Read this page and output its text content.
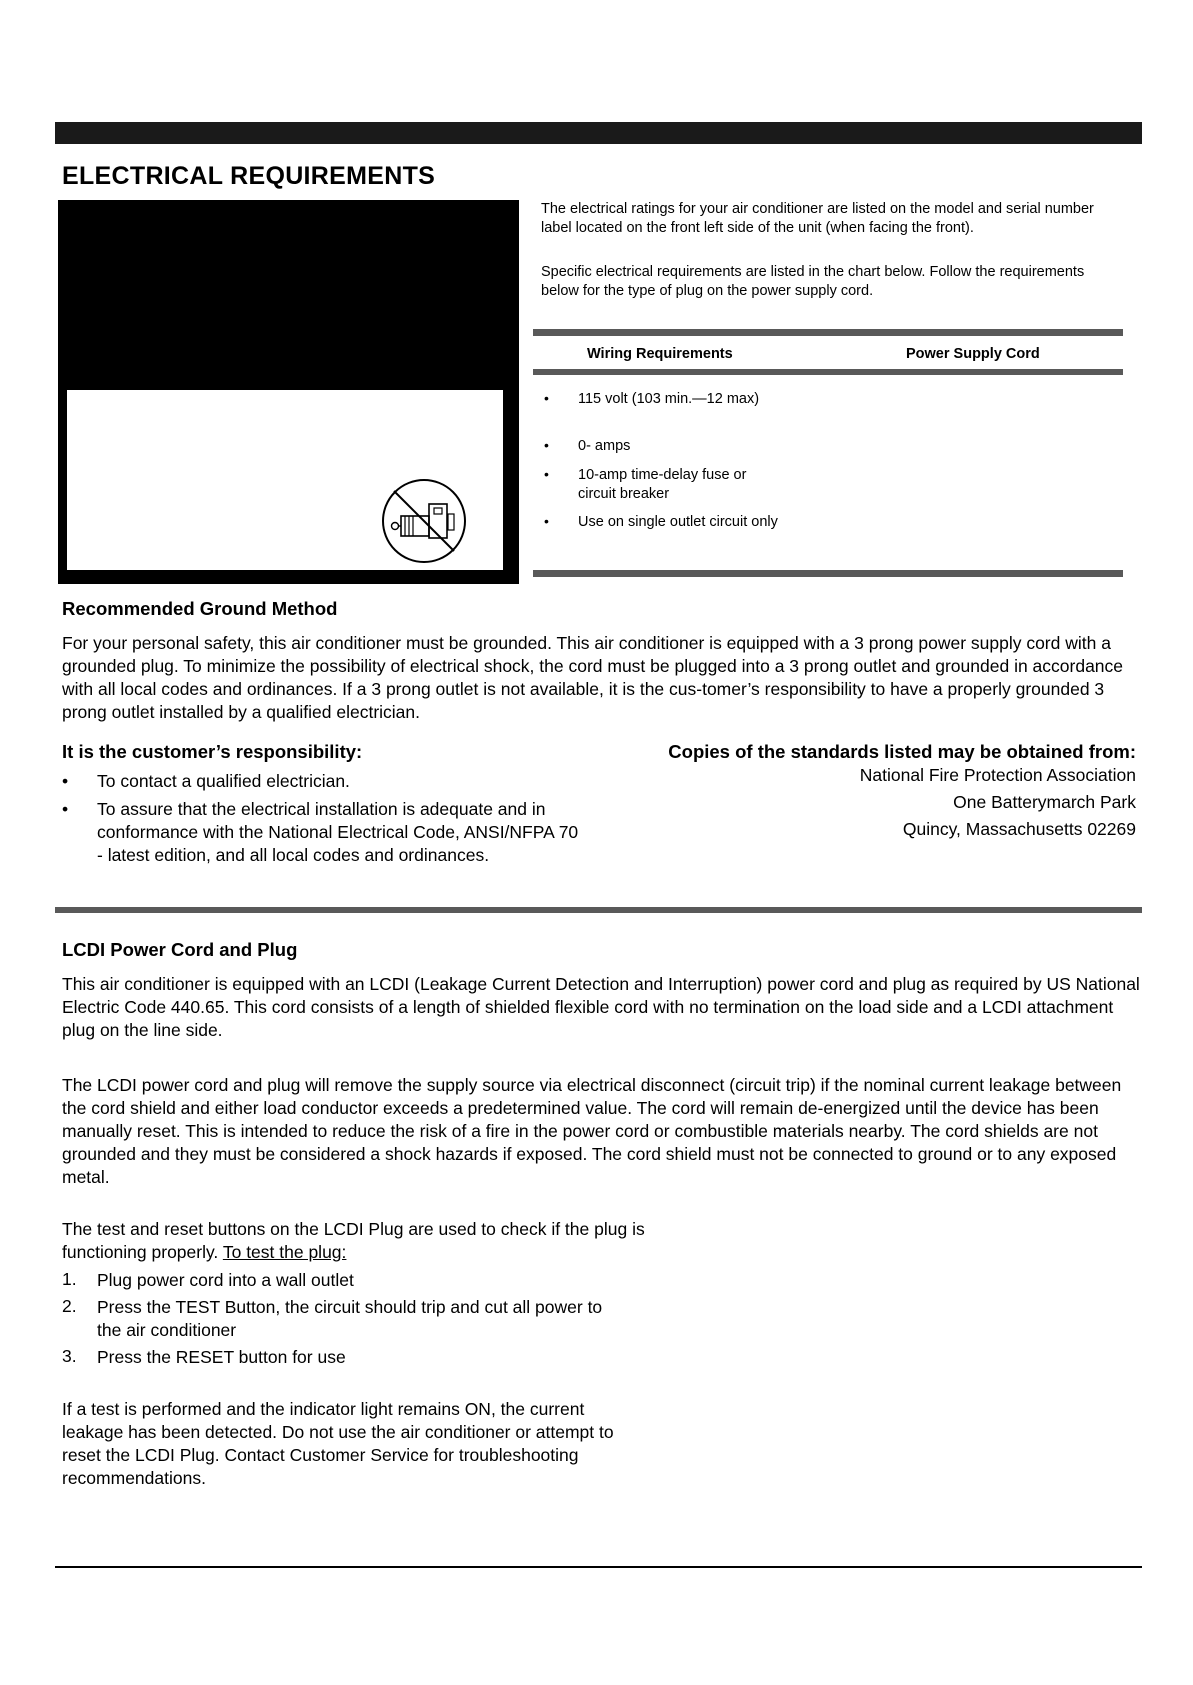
ELECTRICAL REQUIREMENTS
The electrical ratings for your air conditioner are listed on the model and serial number label located on the front left side of the unit (when facing the front).
Specific electrical requirements are listed in the chart below. Follow the requirements below for the type of plug on the power supply cord.
Wiring Requirements	Power Supply Cord
• 115 volt (103 min.—12 max)
• 0- amps
• 10-amp time-delay fuse or circuit breaker
• Use on single outlet circuit only
Recommended Ground Method

For your personal safety, this air conditioner must be grounded. This air conditioner is equipped with a 3 prong power supply cord with a grounded plug. To minimize the possibility of electrical shock, the cord must be plugged into a 3 prong outlet and grounded in accordance with all local codes and ordinances. If a 3 prong outlet is not available, it is the cus-tomer’s responsibility to have a properly grounded 3 prong outlet installed by a qualified electrician.

It is the customer’s responsibility:
• To contact a qualified electrician.
• To assure that the electrical installation is adequate and in conformance with the National Electrical Code, ANSI/NFPA 70 - latest edition, and all local codes and ordinances.
Copies of the standards listed may be obtained from:
National Fire Protection Association
One Batterymarch Park
Quincy, Massachusetts 02269
LCDI Power Cord and Plug

This air conditioner is equipped with an LCDI (Leakage Current Detection and Interruption) power cord and plug as required by US National Electric Code 440.65. This cord consists of a length of shielded flexible cord with no termination on the load side and a LCDI attachment plug on the line side.

The LCDI power cord and plug will remove the supply source via electrical disconnect (circuit trip) if the nominal current leakage between the cord shield and either load conductor exceeds a predetermined value. The cord will remain de-energized until the device has been manually reset. This is intended to reduce the risk of a fire in the power cord or combustible materials nearby. The cord shields are not grounded and they must be considered a shock hazards if exposed. The cord shield must not be connected to ground or to any exposed metal.

The test and reset buttons on the LCDI Plug are used to check if the plug is functioning properly. To test the plug:

1. Plug power cord into a wall outlet
2. Press the TEST Button, the circuit should trip and cut all power to the air conditioner
3. Press the RESET button for use

If a test is performed and the indicator light remains ON, the current leakage has been detected. Do not use the air conditioner or attempt to reset the LCDI Plug. Contact Customer Service for troubleshooting recommendations.
